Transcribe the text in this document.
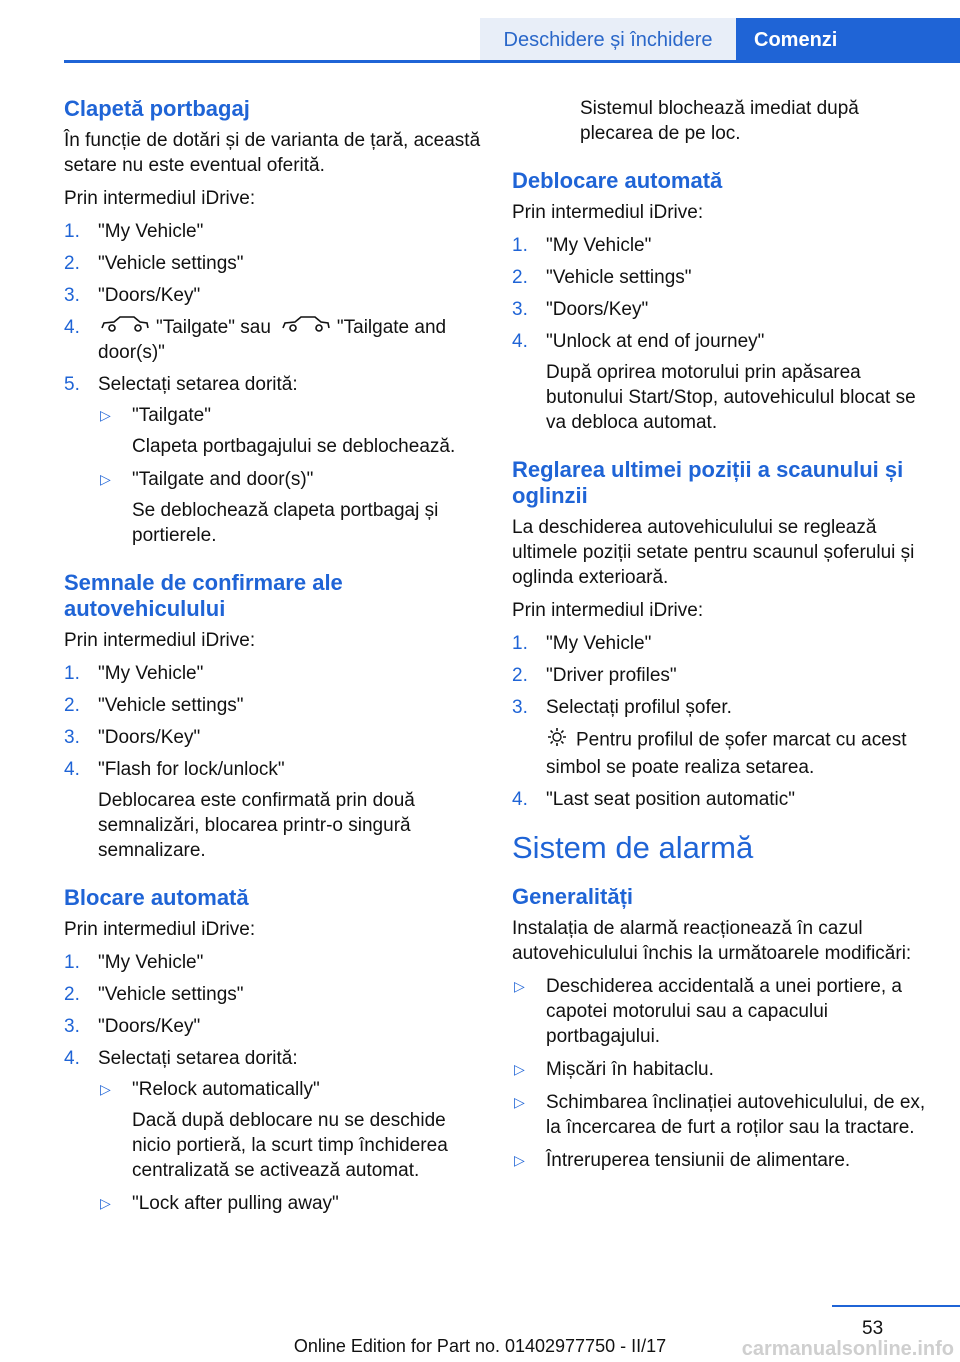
Deschidere și închidere	Comenzi
Clapetă portbagaj

În funcție de dotări și de varianta de țară, această setare nu este eventual oferită.

Prin intermediul iDrive:

1. "My Vehicle"
2. "Vehicle settings"
3. "Doors/Key"
4.	"Tailgate" sau	"Tailgate and door(s)"
5. Selectați setarea dorită:
▷ "Tailgate"
Clapeta portbagajului se deblochează.
▷ "Tailgate and door(s)"
Se deblochează clapeta portbagaj și portierele.
Semnale de confirmare ale autovehiculului

Prin intermediul iDrive:

1. "My Vehicle"
2. "Vehicle settings"
3. "Doors/Key"
4. "Flash for lock/unlock"
Deblocarea este confirmată prin două semnalizări, blocarea printr-o singură semnalizare.
Blocare automată

Prin intermediul iDrive:

1. "My Vehicle"
2. "Vehicle settings"
3. "Doors/Key"
4. Selectați setarea dorită:
▷ "Relock automatically"
Dacă după deblocare nu se deschide nicio portieră, la scurt timp închiderea centralizată se activează automat.
▷ "Lock after pulling away"

Sistemul blochează imediat după plecarea de pe loc.

Deblocare automată

Prin intermediul iDrive:

1. "My Vehicle"
2. "Vehicle settings"
3. "Doors/Key"
4. "Unlock at end of journey"
După oprirea motorului prin apăsarea butonului Start/Stop, autovehiculul blocat se va debloca automat.
Reglarea ultimei poziții a scaunului și oglinzii

La deschiderea autovehiculului se reglează ultimele poziții setate pentru scaunul șoferului și oglinda exterioară.

Prin intermediul iDrive:

1. "My Vehicle"
2. "Driver profiles"
3. Selectați profilul șofer.
Pentru profilul de șofer marcat cu acest simbol se poate realiza setarea.
4. "Last seat position automatic"
Sistem de alarmă
Generalități

Instalația de alarmă reacționează în cazul autovehiculului închis la următoarele modificări:

▷ Deschiderea accidentală a unei portiere, a capotei motorului sau a capacului portbagajului.
▷ Mișcări în habitaclu.
▷ Schimbarea înclinației autovehiculului, de ex, la încercarea de furt a roților sau la tractare.
▷ Întreruperea tensiunii de alimentare.
53
Online Edition for Part no. 01402977750 - II/17	carmanualsonline.info
